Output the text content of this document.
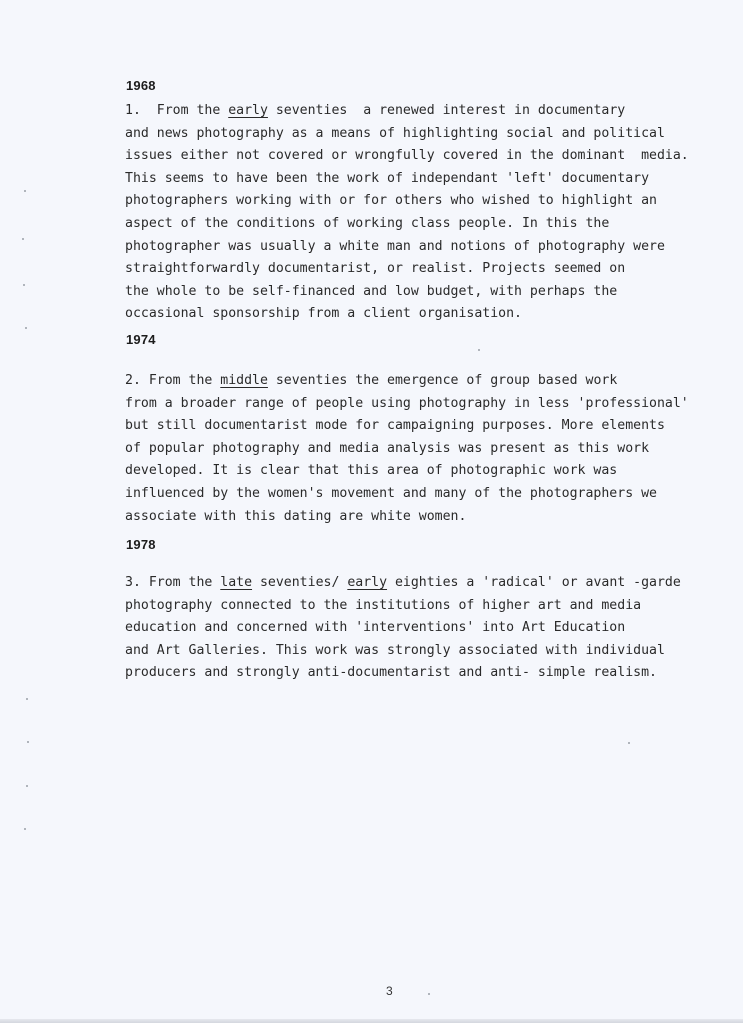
1968
1.  From the early seventies  a renewed interest in documentary
and news photography as a means of highlighting social and political
issues either not covered or wrongfully covered in the dominant  media.
This seems to have been the work of independant 'left' documentary
photographers working with or for others who wished to highlight an
aspect of the conditions of working class people. In this the
photographer was usually a white man and notions of photography were
straightforwardly documentarist, or realist. Projects seemed on
the whole to be self-financed and low budget, with perhaps the
occasional sponsorship from a client organisation.
1974
2. From the middle seventies the emergence of group based work
from a broader range of people using photography in less 'professional'
but still documentarist mode for campaigning purposes. More elements
of popular photography and media analysis was present as this work
developed. It is clear that this area of photographic work was
influenced by the women's movement and many of the photographers we
associate with this dating are white women.
1978
3. From the late seventies/ early eighties a 'radical' or avant -garde
photography connected to the institutions of higher art and media
education and concerned with 'interventions' into Art Education
and Art Galleries. This work was strongly associated with individual
producers and strongly anti-documentarist and anti- simple realism.
3
